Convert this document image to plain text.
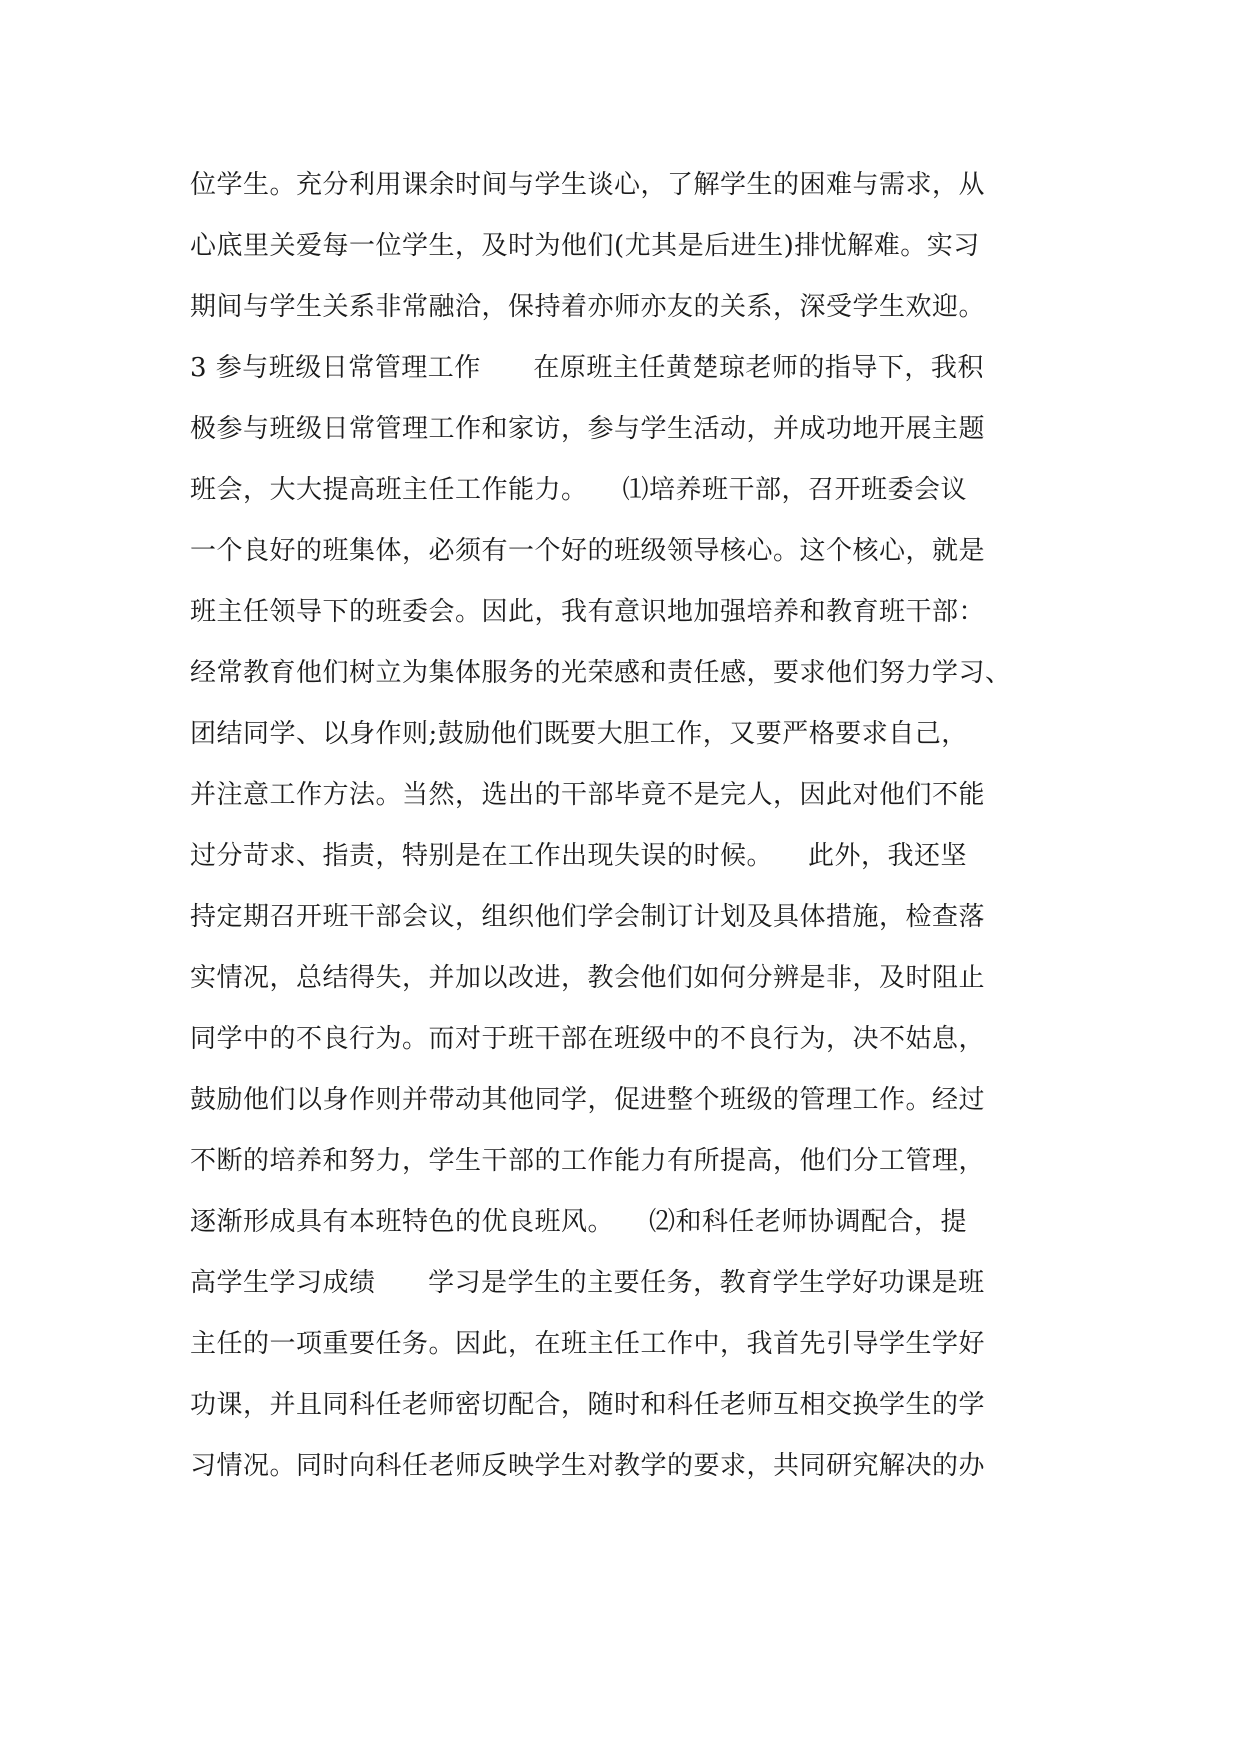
位学生。充分利用课余时间与学生谈心，了解学生的困难与需求，从
心底里关爱每一位学生，及时为他们(尤其是后进生)排忧解难。实习
期间与学生关系非常融洽，保持着亦师亦友的关系，深受学生欢迎。
3 参与班级日常管理工作      在原班主任黄楚琼老师的指导下，我积
极参与班级日常管理工作和家访，参与学生活动，并成功地开展主题
班会，大大提高班主任工作能力。    ⑴培养班干部，召开班委会议
一个良好的班集体，必须有一个好的班级领导核心。这个核心，就是
班主任领导下的班委会。因此，我有意识地加强培养和教育班干部：
经常教育他们树立为集体服务的光荣感和责任感，要求他们努力学习、
团结同学、以身作则;鼓励他们既要大胆工作，又要严格要求自己，
并注意工作方法。当然，选出的干部毕竟不是完人，因此对他们不能
过分苛求、指责，特别是在工作出现失误的时候。    此外，我还坚
持定期召开班干部会议，组织他们学会制订计划及具体措施，检查落
实情况，总结得失，并加以改进，教会他们如何分辨是非，及时阻止
同学中的不良行为。而对于班干部在班级中的不良行为，决不姑息，
鼓励他们以身作则并带动其他同学，促进整个班级的管理工作。经过
不断的培养和努力，学生干部的工作能力有所提高，他们分工管理，
逐渐形成具有本班特色的优良班风。    ⑵和科任老师协调配合，提
高学生学习成绩      学习是学生的主要任务，教育学生学好功课是班
主任的一项重要任务。因此，在班主任工作中，我首先引导学生学好
功课，并且同科任老师密切配合，随时和科任老师互相交换学生的学
习情况。同时向科任老师反映学生对教学的要求，共同研究解决的办
